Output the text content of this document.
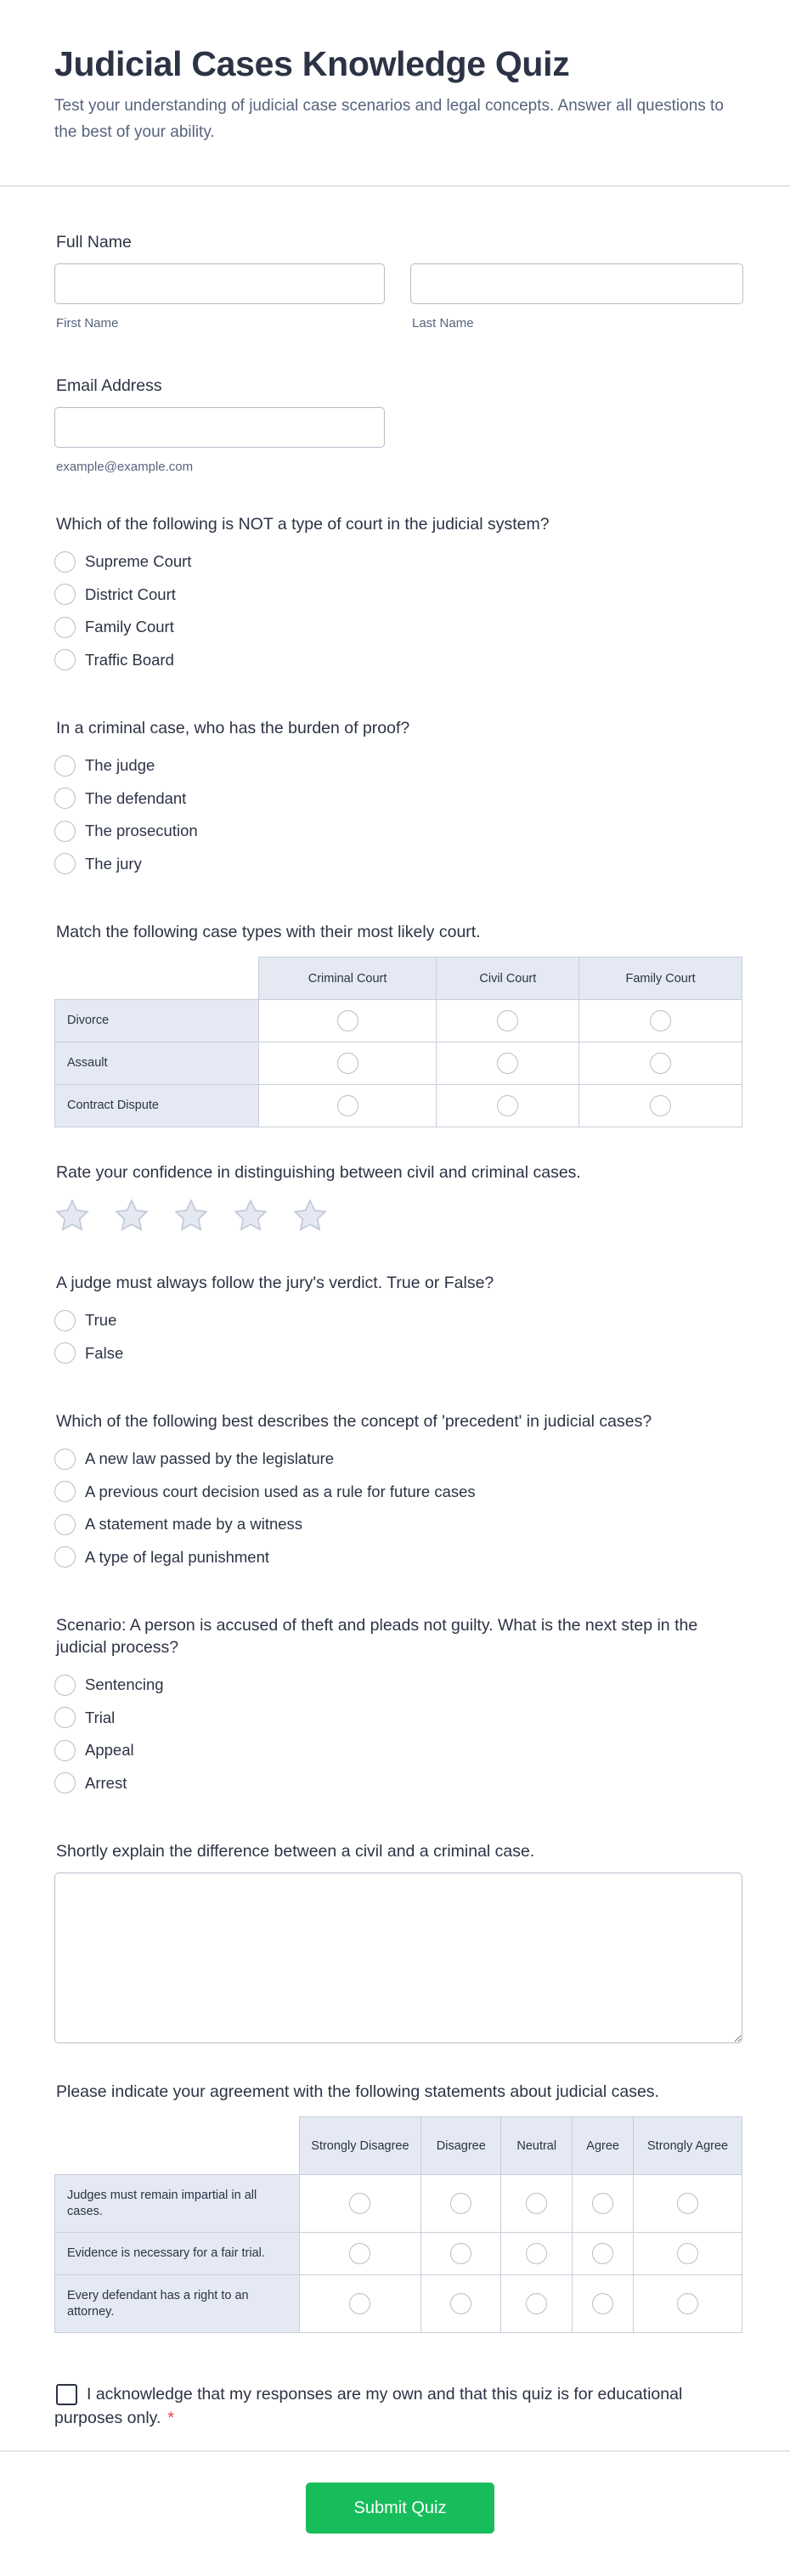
Judicial Cases Knowledge Quiz

Test your understanding of judicial case scenarios and legal concepts. Answer all questions to the best of your ability.

Full Name
First Name	Last Name
Email Address
example@example.com
Which of the following is NOT a type of court in the judicial system?
Supreme Court
District Court
Family Court
Traffic Board
In a criminal case, who has the burden of proof?
The judge
The defendant
The prosecution
The jury
Match the following case types with their most likely court.
	Criminal Court	Civil Court	Family Court
Divorce			
Assault			
Contract Dispute			
Rate your confidence in distinguishing between civil and criminal cases.
A judge must always follow the jury's verdict. True or False?
True
False
Which of the following best describes the concept of 'precedent' in judicial cases?
A new law passed by the legislature
A previous court decision used as a rule for future cases
A statement made by a witness
A type of legal punishment
Scenario: A person is accused of theft and pleads not guilty. What is the next step in the judicial process?
Sentencing
Trial
Appeal
Arrest
Shortly explain the difference between a civil and a criminal case.
Please indicate your agreement with the following statements about judicial cases.
	Strongly Disagree	Disagree	Neutral	Agree	Strongly Agree
Judges must remain impartial in all cases.					
Evidence is necessary for a fair trial.					
Every defendant has a right to an attorney.					
I acknowledge that my responses are my own and that this quiz is for educational purposes only. *
Submit Quiz
